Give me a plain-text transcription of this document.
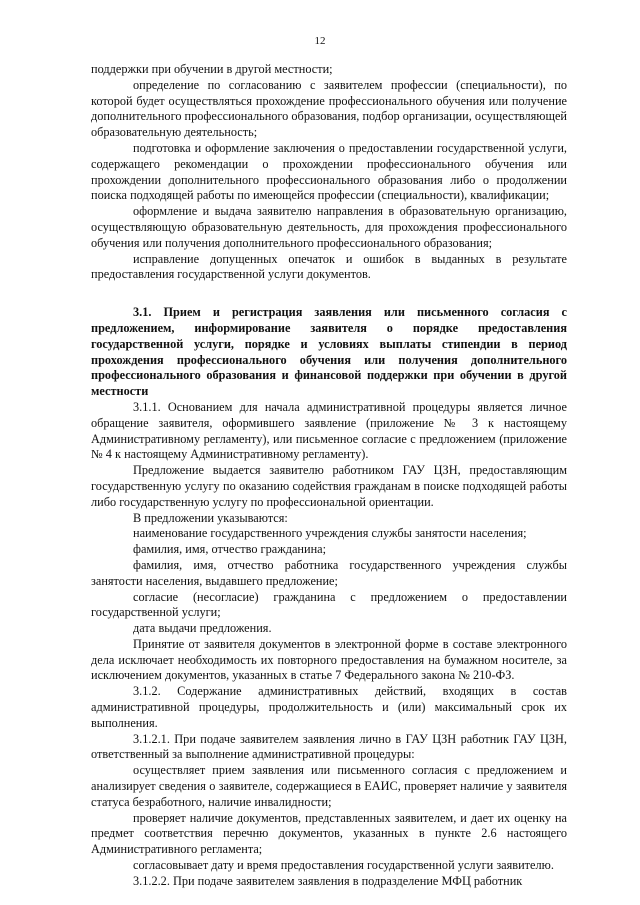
12

поддержки при обучении в другой местности;

определение по согласованию с заявителем профессии (специальности), по которой будет осуществляться прохождение профессионального обучения или получение дополнительного профессионального образования, подбор организации, осуществляющей образовательную деятельность;

подготовка и оформление заключения о предоставлении государственной услуги, содержащего рекомендации о прохождении профессионального обучения или прохождении дополнительного профессионального образования либо о продолжении поиска подходящей работы по имеющейся профессии (специальности), квалификации;

оформление и выдача заявителю направления в образовательную организацию, осуществляющую образовательную деятельность, для прохождения профессионального обучения или получения дополнительного профессионального образования;

исправление допущенных опечаток и ошибок в выданных в результате предоставления государственной услуги документов.

3.1. Прием и регистрация заявления или письменного согласия с предложением, информирование заявителя о порядке предоставления государственной услуги, порядке и условиях выплаты стипендии в период прохождения профессионального обучения или получения дополнительного профессионального образования и финансовой поддержки при обучении в другой местности

3.1.1. Основанием для начала административной процедуры является личное обращение заявителя, оформившего заявление (приложение № 3 к настоящему Административному регламенту), или письменное согласие с предложением (приложение № 4 к настоящему Административному регламенту).

Предложение выдается заявителю работником ГАУ ЦЗН, предоставляющим государственную услугу по оказанию содействия гражданам в поиске подходящей работы либо государственную услугу по профессиональной ориентации.

В предложении указываются:

наименование государственного учреждения службы занятости населения;

фамилия, имя, отчество гражданина;

фамилия, имя, отчество работника государственного учреждения службы занятости населения, выдавшего предложение;

согласие (несогласие) гражданина с предложением о предоставлении государственной услуги;

дата выдачи предложения.

Принятие от заявителя документов в электронной форме в составе электронного дела исключает необходимость их повторного предоставления на бумажном носителе, за исключением документов, указанных в статье 7 Федерального закона № 210-ФЗ.

3.1.2. Содержание административных действий, входящих в состав административной процедуры, продолжительность и (или) максимальный срок их выполнения.

3.1.2.1. При подаче заявителем заявления лично в ГАУ ЦЗН работник ГАУ ЦЗН, ответственный за выполнение административной процедуры:

осуществляет прием заявления или письменного согласия с предложением и анализирует сведения о заявителе, содержащиеся в ЕАИС, проверяет наличие у заявителя статуса безработного, наличие инвалидности;

проверяет наличие документов, представленных заявителем, и дает их оценку на предмет соответствия перечню документов, указанных в пункте 2.6 настоящего Административного регламента;

согласовывает дату и время предоставления государственной услуги заявителю.

3.1.2.2. При подаче заявителем заявления в подразделение МФЦ работник
